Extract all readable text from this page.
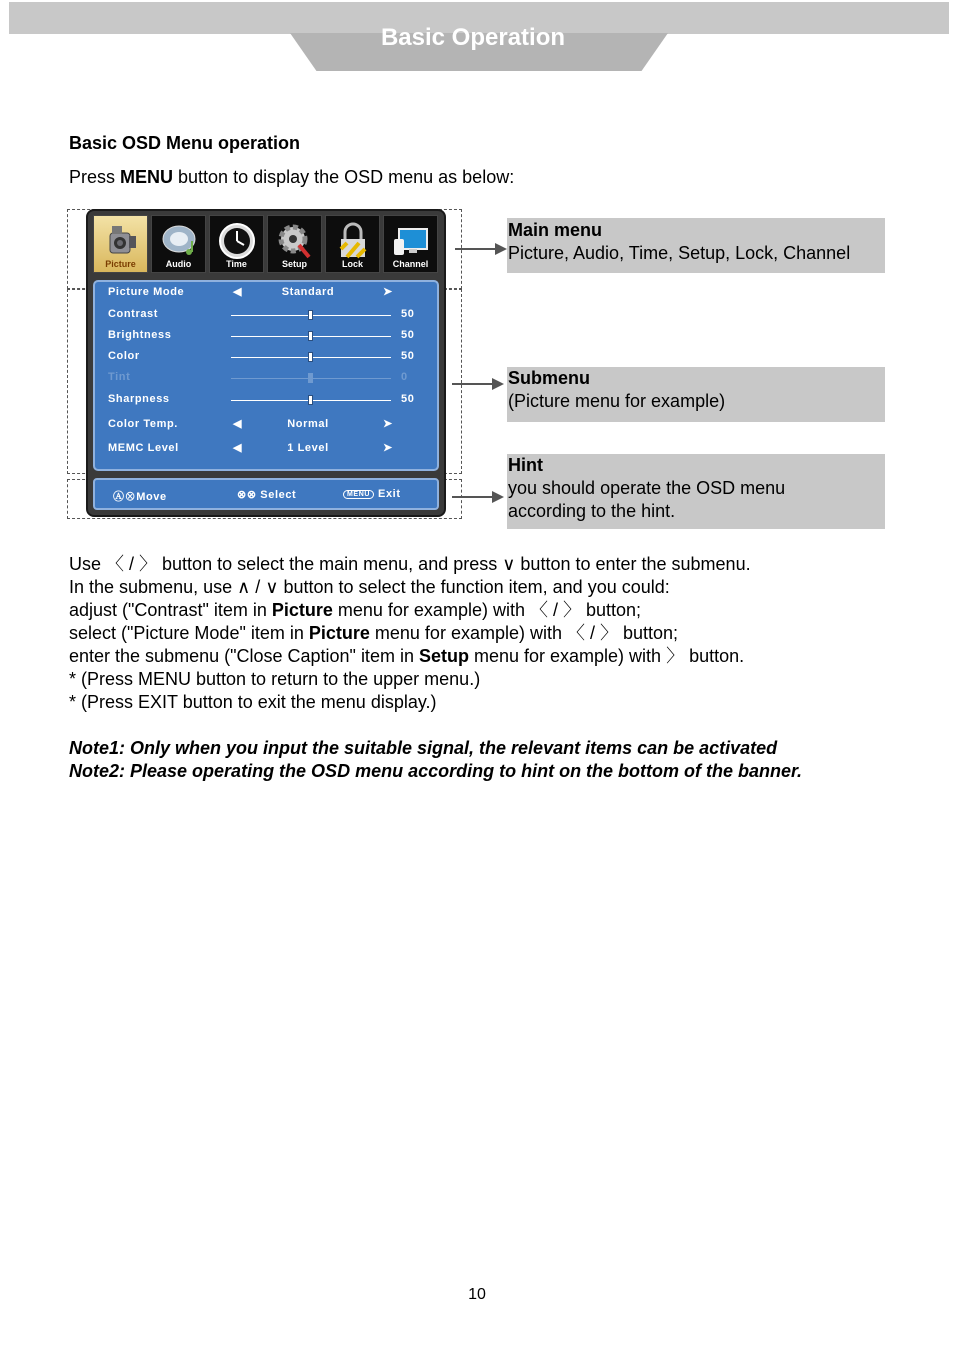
Basic Operation
Basic OSD Menu operation
Press MENU button to display the OSD menu as below:
Picture	Audio	Time	Setup	Lock	Channel
Picture Mode	◀	Standard	➤
Contrast	50
Brightness	50
Color	50
Tint	0
Sharpness	50
Color Temp.	◀	Normal	➤
MEMC Level	◀	1 Level	➤
Ⓐ⊗Move	⊗⊗ Select	MENU Exit
Main menu
Picture, Audio, Time, Setup, Lock, Channel
Submenu
(Picture menu for example)
Hint
you should operate the OSD menu
according to the hint.

Use 〈 / 〉 button to select the main menu, and press ∨ button to enter the submenu.

In the submenu, use ∧ / ∨ button to select the function item, and you could:

adjust ("Contrast" item in Picture menu for example) with 〈 / 〉 button;

select ("Picture Mode" item in Picture menu for example) with 〈 / 〉 button;

enter the submenu ("Close Caption" item in Setup menu for example) with 〉 button.

* (Press MENU button to return to the upper menu.)

* (Press EXIT button to exit the menu display.)

Note1: Only when you input the suitable signal, the relevant items can be activated

Note2: Please operating the OSD menu according to hint on the bottom of the banner.

10
